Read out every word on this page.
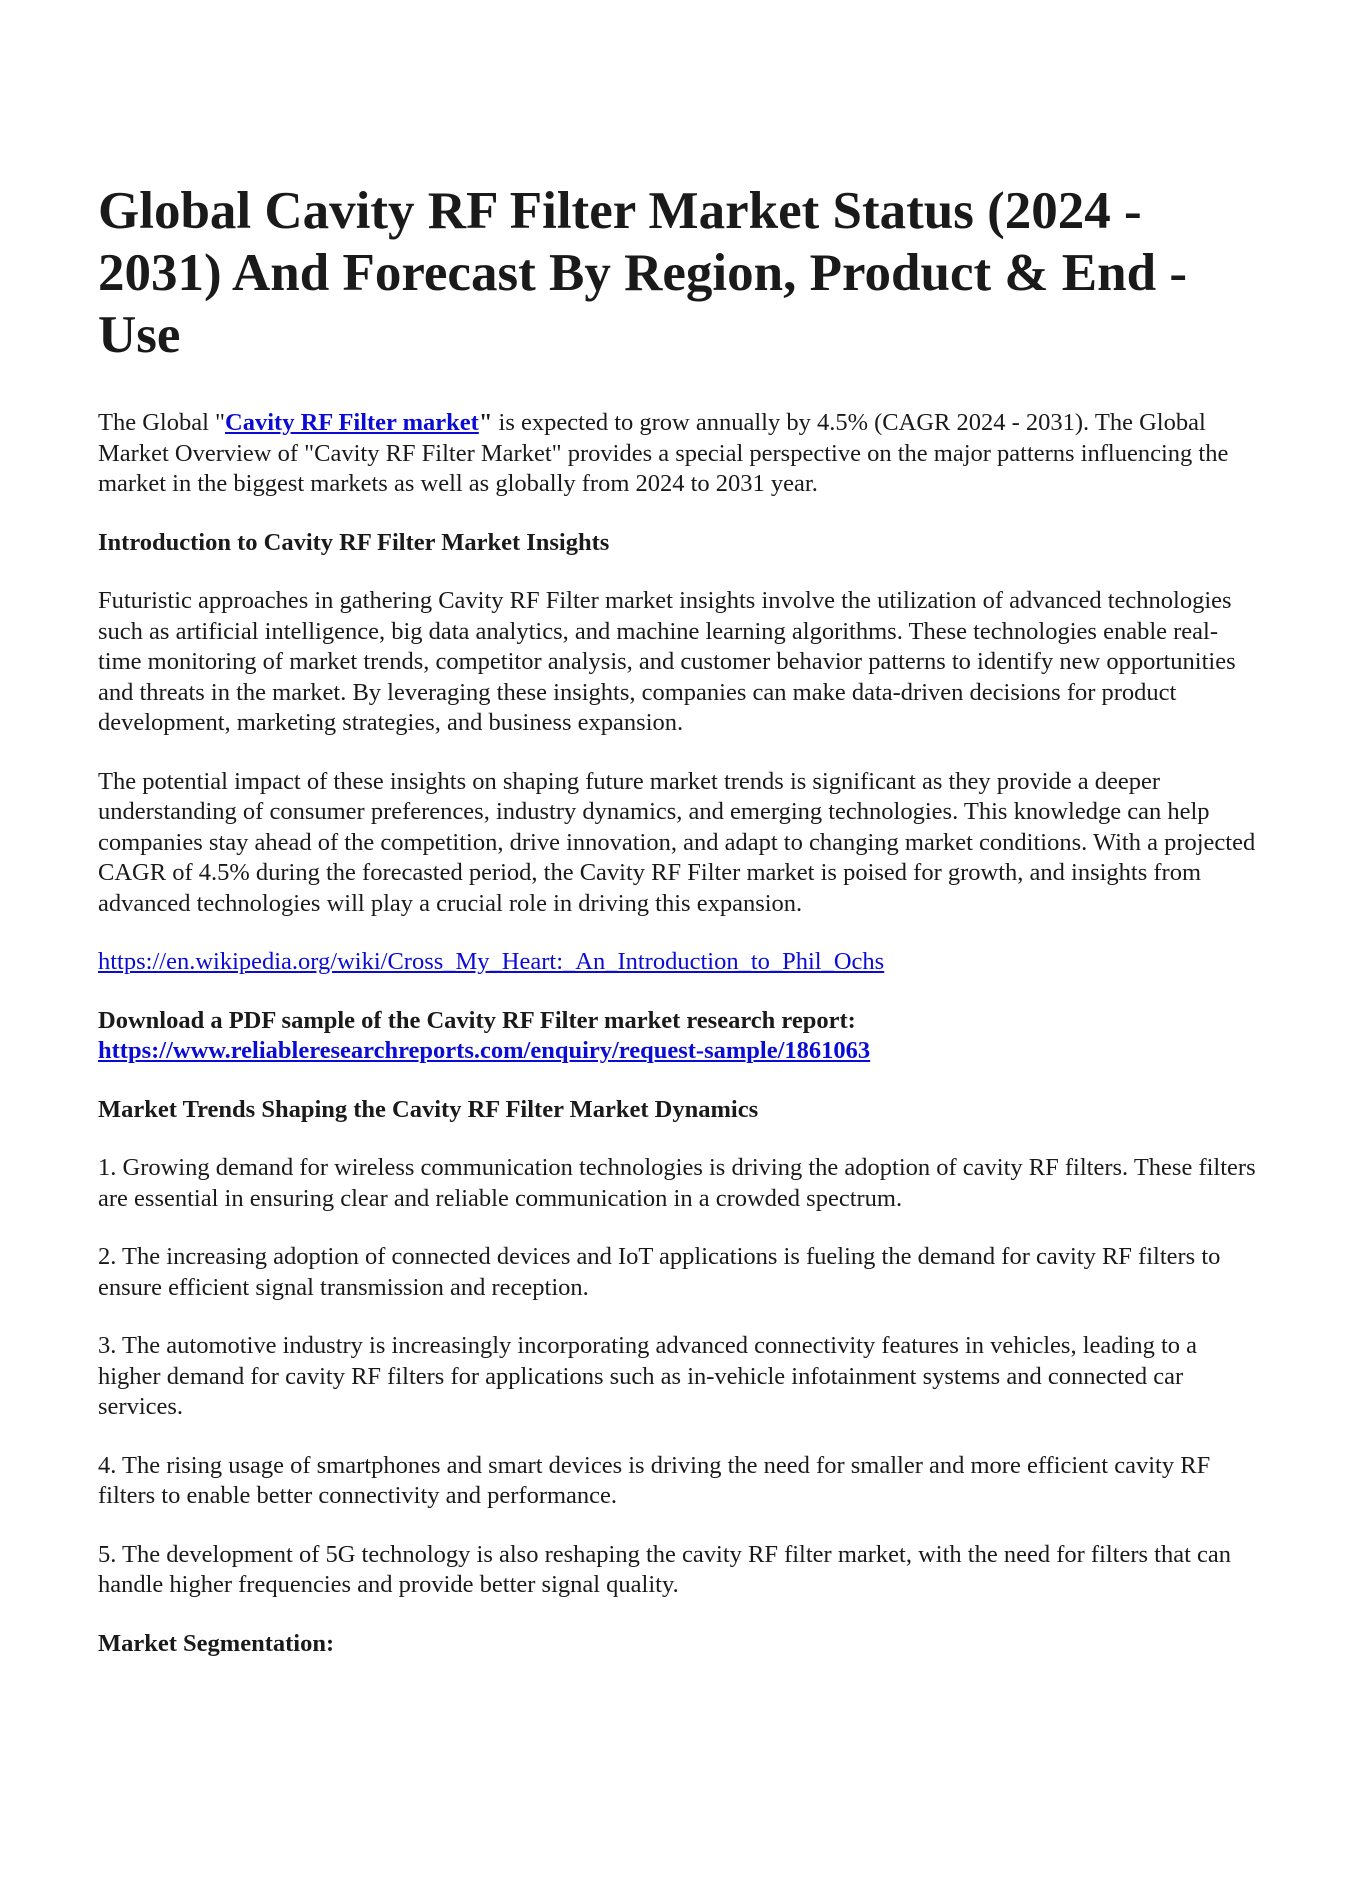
Global Cavity RF Filter Market Status (2024 - 2031) And Forecast By Region, Product & End - Use

The Global "Cavity RF Filter market" is expected to grow annually by 4.5% (CAGR 2024 - 2031). The Global Market Overview of "Cavity RF Filter Market" provides a special perspective on the major patterns influencing the market in the biggest markets as well as globally from 2024 to 2031 year.

Introduction to Cavity RF Filter Market Insights

Futuristic approaches in gathering Cavity RF Filter market insights involve the utilization of advanced technologies such as artificial intelligence, big data analytics, and machine learning algorithms. These technologies enable real-time monitoring of market trends, competitor analysis, and customer behavior patterns to identify new opportunities and threats in the market. By leveraging these insights, companies can make data-driven decisions for product development, marketing strategies, and business expansion.

The potential impact of these insights on shaping future market trends is significant as they provide a deeper understanding of consumer preferences, industry dynamics, and emerging technologies. This knowledge can help companies stay ahead of the competition, drive innovation, and adapt to changing market conditions. With a projected CAGR of 4.5% during the forecasted period, the Cavity RF Filter market is poised for growth, and insights from advanced technologies will play a crucial role in driving this expansion.

https://en.wikipedia.org/wiki/Cross_My_Heart:_An_Introduction_to_Phil_Ochs

Download a PDF sample of the Cavity RF Filter market research report:
https://www.reliableresearchreports.com/enquiry/request-sample/1861063

Market Trends Shaping the Cavity RF Filter Market Dynamics

1. Growing demand for wireless communication technologies is driving the adoption of cavity RF filters. These filters are essential in ensuring clear and reliable communication in a crowded spectrum.

2. The increasing adoption of connected devices and IoT applications is fueling the demand for cavity RF filters to ensure efficient signal transmission and reception.

3. The automotive industry is increasingly incorporating advanced connectivity features in vehicles, leading to a higher demand for cavity RF filters for applications such as in-vehicle infotainment systems and connected car services.

4. The rising usage of smartphones and smart devices is driving the need for smaller and more efficient cavity RF filters to enable better connectivity and performance.

5. The development of 5G technology is also reshaping the cavity RF filter market, with the need for filters that can handle higher frequencies and provide better signal quality.

Market Segmentation:
